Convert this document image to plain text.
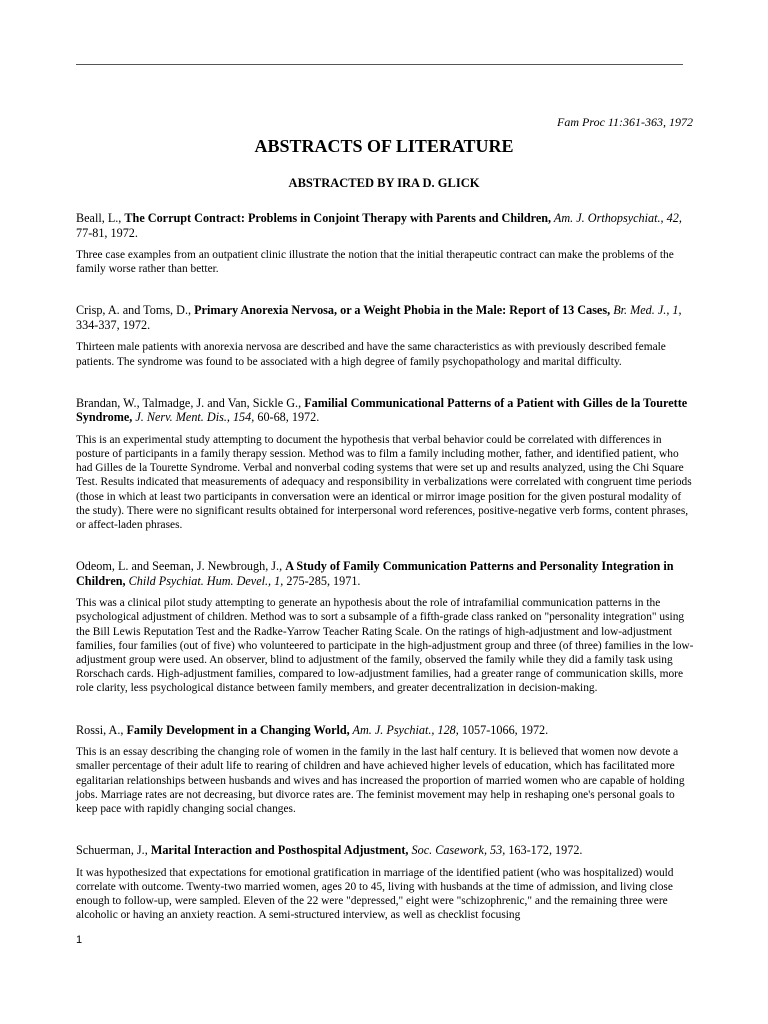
Fam Proc 11:361-363, 1972

ABSTRACTS OF LITERATURE
ABSTRACTED BY IRA D. GLICK

Beall, L., The Corrupt Contract: Problems in Conjoint Therapy with Parents and Children, Am. J. Orthopsychiat., 42, 77-81, 1972.

Three case examples from an outpatient clinic illustrate the notion that the initial therapeutic contract can make the problems of the family worse rather than better.

Crisp, A. and Toms, D., Primary Anorexia Nervosa, or a Weight Phobia in the Male: Report of 13 Cases, Br. Med. J., 1, 334-337, 1972.

Thirteen male patients with anorexia nervosa are described and have the same characteristics as with previously described female patients. The syndrome was found to be associated with a high degree of family psychopathology and marital difficulty.

Brandan, W., Talmadge, J. and Van, Sickle G., Familial Communicational Patterns of a Patient with Gilles de la Tourette Syndrome, J. Nerv. Ment. Dis., 154, 60-68, 1972.

This is an experimental study attempting to document the hypothesis that verbal behavior could be correlated with differences in posture of participants in a family therapy session. Method was to film a family including mother, father, and identified patient, who had Gilles de la Tourette Syndrome. Verbal and nonverbal coding systems that were set up and results analyzed, using the Chi Square Test. Results indicated that measurements of adequacy and responsibility in verbalizations were correlated with congruent time periods (those in which at least two participants in conversation were an identical or mirror image position for the given postural modality of the study). There were no significant results obtained for interpersonal word references, positive-negative verb forms, content phrases, or affect-laden phrases.

Odeom, L. and Seeman, J. Newbrough, J., A Study of Family Communication Patterns and Personality Integration in Children, Child Psychiat. Hum. Devel., 1, 275-285, 1971.

This was a clinical pilot study attempting to generate an hypothesis about the role of intrafamilial communication patterns in the psychological adjustment of children. Method was to sort a subsample of a fifth-grade class ranked on "personality integration" using the Bill Lewis Reputation Test and the Radke-Yarrow Teacher Rating Scale. On the ratings of high-adjustment and low-adjustment families, four families (out of five) who volunteered to participate in the high-adjustment group and three (of three) families in the low-adjustment group were used. An observer, blind to adjustment of the family, observed the family while they did a family task using Rorschach cards. High-adjustment families, compared to low-adjustment families, had a greater range of communication skills, more role clarity, less psychological distance between family members, and greater decentralization in decision-making.

Rossi, A., Family Development in a Changing World, Am. J. Psychiat., 128, 1057-1066, 1972.

This is an essay describing the changing role of women in the family in the last half century. It is believed that women now devote a smaller percentage of their adult life to rearing of children and have achieved higher levels of education, which has facilitated more egalitarian relationships between husbands and wives and has increased the proportion of married women who are capable of holding jobs. Marriage rates are not decreasing, but divorce rates are. The feminist movement may help in reshaping one's personal goals to keep pace with rapidly changing social changes.

Schuerman, J., Marital Interaction and Posthospital Adjustment, Soc. Casework, 53, 163-172, 1972.

It was hypothesized that expectations for emotional gratification in marriage of the identified patient (who was hospitalized) would correlate with outcome. Twenty-two married women, ages 20 to 45, living with husbands at the time of admission, and living close enough to follow-up, were sampled. Eleven of the 22 were "depressed," eight were "schizophrenic," and the remaining three were alcoholic or having an anxiety reaction. A semi-structured interview, as well as checklist focusing

1
